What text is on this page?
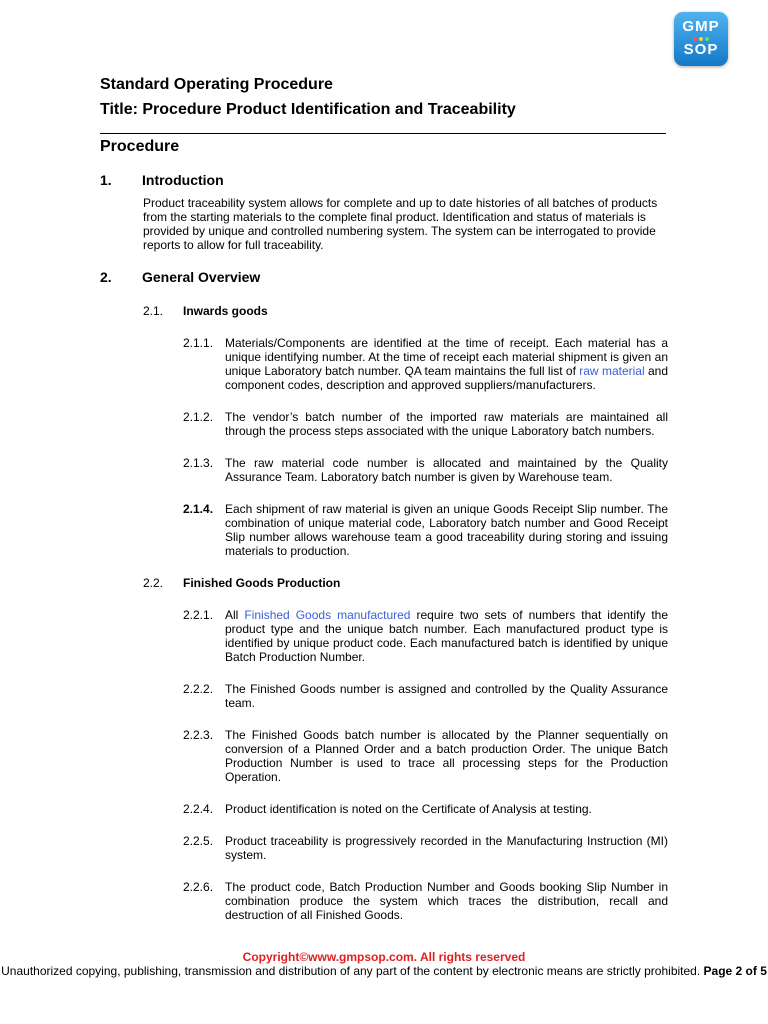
GMP
SOP
Standard Operating Procedure
Title: Procedure Product Identification and Traceability
Procedure
1. Introduction

Product traceability system allows for complete and up to date histories of all batches of products from the starting materials to the complete final product. Identification and status of materials is provided by unique and controlled numbering system. The system can be interrogated to provide reports to allow for full traceability.

2. General Overview
2.1. Inwards goods
2.1.1. Materials/Components are identified at the time of receipt. Each material has a unique identifying number. At the time of receipt each material shipment is given an unique Laboratory batch number. QA team maintains the full list of raw material and component codes, description and approved suppliers/manufacturers.

2.1.2. The vendor’s batch number of the imported raw materials are maintained all through the process steps associated with the unique Laboratory batch numbers.

2.1.3. The raw material code number is allocated and maintained by the Quality Assurance Team. Laboratory batch number is given by Warehouse team.

2.1.4. Each shipment of raw material is given an unique Goods Receipt Slip number. The combination of unique material code, Laboratory batch number and Good Receipt Slip number allows warehouse team a good traceability during storing and issuing materials to production.

2.2. Finished Goods Production
2.2.1. All Finished Goods manufactured require two sets of numbers that identify the product type and the unique batch number. Each manufactured product type is identified by unique product code. Each manufactured batch is identified by unique Batch Production Number.

2.2.2. The Finished Goods number is assigned and controlled by the Quality Assurance team.

2.2.3. The Finished Goods batch number is allocated by the Planner sequentially on conversion of a Planned Order and a batch production Order. The unique Batch Production Number is used to trace all processing steps for the Production Operation.

2.2.4. Product identification is noted on the Certificate of Analysis at testing.

2.2.5. Product traceability is progressively recorded in the Manufacturing Instruction (MI) system.

2.2.6. The product code, Batch Production Number and Goods booking Slip Number in combination produce the system which traces the distribution, recall and destruction of all Finished Goods.

Copyright©www.gmpsop.com. All rights reserved
Unauthorized copying, publishing, transmission and distribution of any part of the content by electronic means are strictly prohibited. Page 2 of 5
